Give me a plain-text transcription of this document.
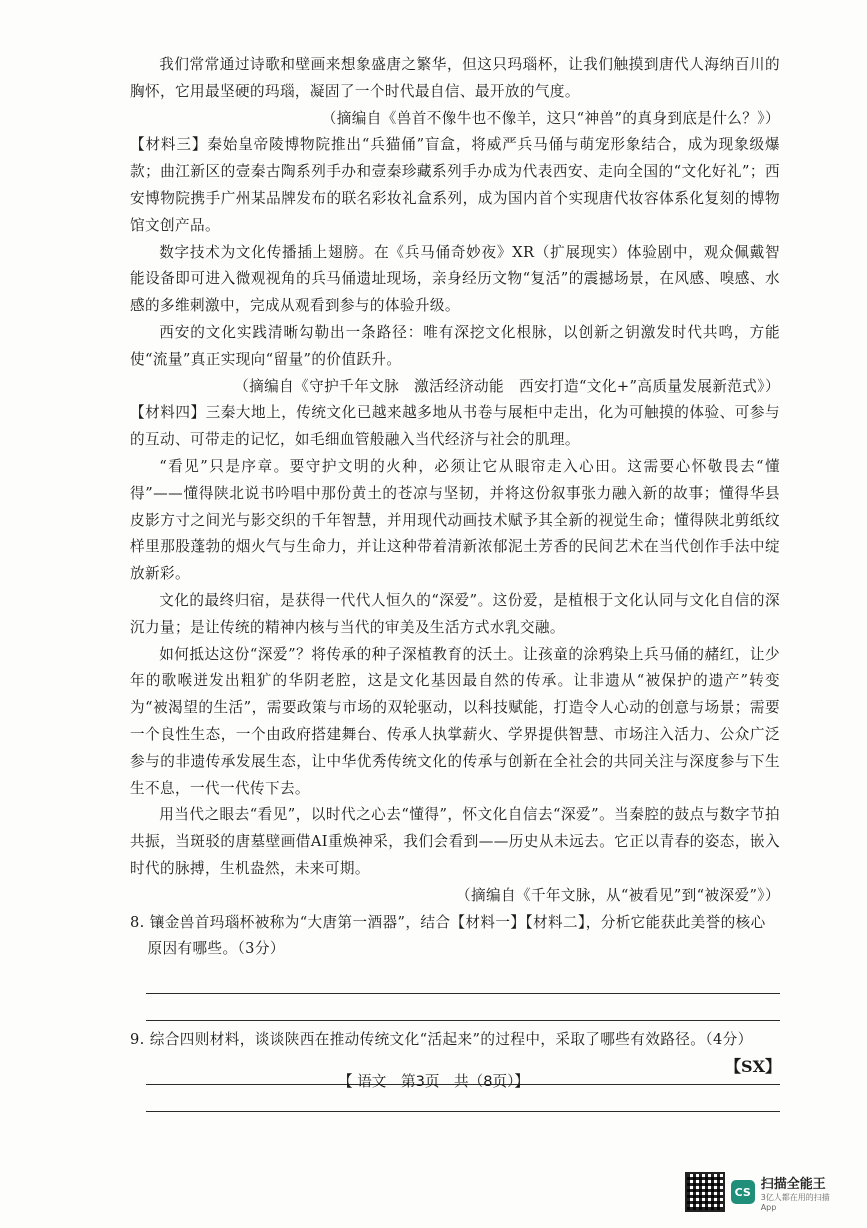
我们常常通过诗歌和壁画来想象盛唐之繁华，但这只玛瑙杯，让我们触摸到唐代人海纳百川的胸怀，它用最坚硬的玛瑙，凝固了一个时代最自信、最开放的气度。

（摘编自《兽首不像牛也不像羊，这只“神兽”的真身到底是什么？》）

【材料三】秦始皇帝陵博物院推出“兵猫俑”盲盒，将威严兵马俑与萌宠形象结合，成为现象级爆款；曲江新区的壹秦古陶系列手办和壹秦珍藏系列手办成为代表西安、走向全国的“文化好礼”；西安博物院携手广州某品牌发布的联名彩妆礼盒系列，成为国内首个实现唐代妆容体系化复刻的博物馆文创产品。

数字技术为文化传播插上翅膀。在《兵马俑奇妙夜》XR（扩展现实）体验剧中，观众佩戴智能设备即可进入微观视角的兵马俑遗址现场，亲身经历文物“复活”的震撼场景，在风感、嗅感、水感的多维刺激中，完成从观看到参与的体验升级。

西安的文化实践清晰勾勒出一条路径：唯有深挖文化根脉，以创新之钥激发时代共鸣，方能使“流量”真正实现向“留量”的价值跃升。

（摘编自《守护千年文脉　激活经济动能　西安打造“文化+”高质量发展新范式》）

【材料四】三秦大地上，传统文化已越来越多地从书卷与展柜中走出，化为可触摸的体验、可参与的互动、可带走的记忆，如毛细血管般融入当代经济与社会的肌理。

“看见”只是序章。要守护文明的火种，必须让它从眼帘走入心田。这需要心怀敬畏去“懂得”——懂得陕北说书吟唱中那份黄土的苍凉与坚韧，并将这份叙事张力融入新的故事；懂得华县皮影方寸之间光与影交织的千年智慧，并用现代动画技术赋予其全新的视觉生命；懂得陕北剪纸纹样里那股蓬勃的烟火气与生命力，并让这种带着清新浓郁泥土芳香的民间艺术在当代创作手法中绽放新彩。

文化的最终归宿，是获得一代代人恒久的“深爱”。这份爱，是植根于文化认同与文化自信的深沉力量；是让传统的精神内核与当代的审美及生活方式水乳交融。

如何抵达这份“深爱”？将传承的种子深植教育的沃土。让孩童的涂鸦染上兵马俑的赭红，让少年的歌喉迸发出粗犷的华阴老腔，这是文化基因最自然的传承。让非遗从“被保护的遗产”转变为“被渴望的生活”，需要政策与市场的双轮驱动，以科技赋能，打造令人心动的创意与场景；需要一个良性生态，一个由政府搭建舞台、传承人执掌薪火、学界提供智慧、市场注入活力、公众广泛参与的非遗传承发展生态，让中华优秀传统文化的传承与创新在全社会的共同关注与深度参与下生生不息，一代一代传下去。

用当代之眼去“看见”，以时代之心去“懂得”，怀文化自信去“深爱”。当秦腔的鼓点与数字节拍共振，当斑驳的唐墓壁画借AI重焕神采，我们会看到——历史从未远去。它正以青春的姿态，嵌入时代的脉搏，生机盎然，未来可期。

（摘编自《千年文脉，从“被看见”到“被深爱”》）

8. 镶金兽首玛瑙杯被称为“大唐第一酒器”，结合【材料一】【材料二】，分析它能获此美誉的核心
原因有哪些。（3分）
9. 综合四则材料，谈谈陕西在推动传统文化“活起来”的过程中，采取了哪些有效路径。（4分）
【 语文　第3页　共（8页）】
【SX】
CS
扫描全能王
3亿人都在用的扫描App
